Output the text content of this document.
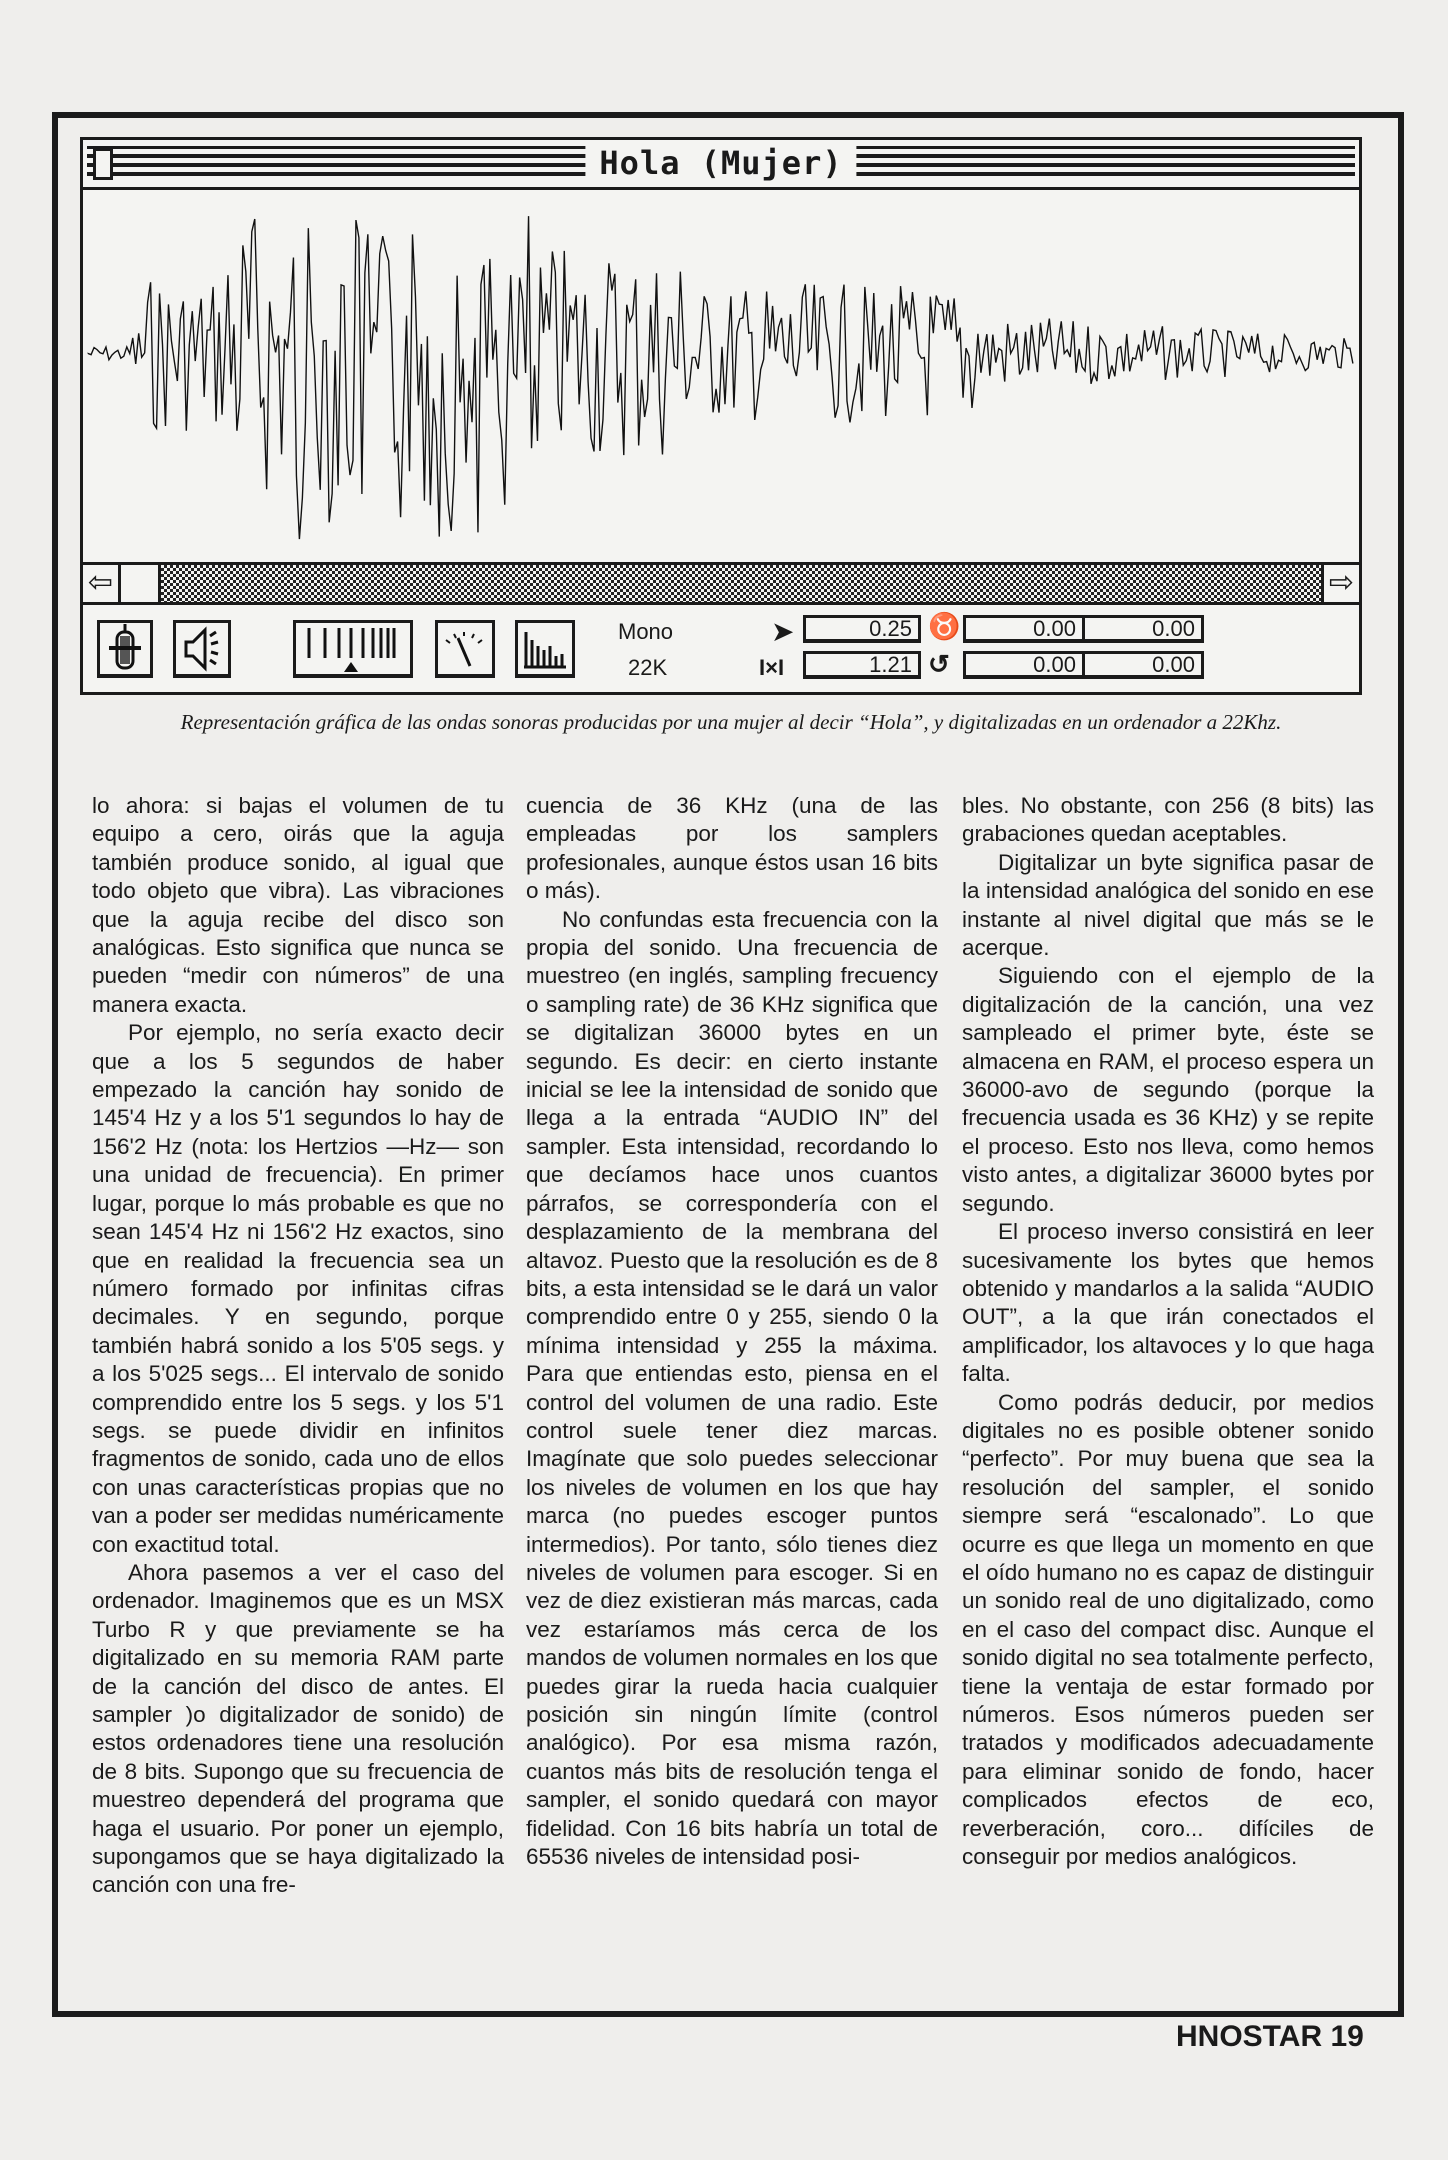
Hola (Mujer)
⇦	⇨
Mono
22K
➤
I×I
0.25
1.21
♉
↺
0.00	0.00
0.00	0.00
Representación gráfica de las ondas sonoras producidas por una mujer al decir “Hola”, y digitalizadas en un ordenador a 22Khz.

lo ahora: si bajas el volumen de tu equipo a cero, oirás que la aguja también produce sonido, al igual que todo objeto que vibra). Las vibraciones que la aguja recibe del disco son analógicas. Esto significa que nunca se pueden “medir con números” de una manera exacta.

Por ejemplo, no sería exacto decir que a los 5 segundos de haber empezado la canción hay sonido de 145'4 Hz y a los 5'1 segundos lo hay de 156'2 Hz (nota: los Hertzios —Hz— son una unidad de frecuencia). En primer lugar, porque lo más probable es que no sean 145'4 Hz ni 156'2 Hz exactos, sino que en realidad la frecuencia sea un número formado por infinitas cifras decimales. Y en segundo, porque también habrá sonido a los 5'05 segs. y a los 5'025 segs... El intervalo de sonido comprendido entre los 5 segs. y los 5'1 segs. se puede dividir en infinitos fragmentos de sonido, cada uno de ellos con unas características propias que no van a poder ser medidas numéricamente con exactitud total.

Ahora pasemos a ver el caso del ordenador. Imaginemos que es un MSX Turbo R y que previamente se ha digitalizado en su memoria RAM parte de la canción del disco de antes. El sampler )o digitalizador de sonido) de estos ordenadores tiene una resolución de 8 bits. Supongo que su frecuencia de muestreo dependerá del programa que haga el usuario. Por poner un ejemplo, supongamos que se haya digitalizado la canción con una fre-

cuencia de 36 KHz (una de las empleadas por los samplers profesionales, aunque éstos usan 16 bits o más).

No confundas esta frecuencia con la propia del sonido. Una frecuencia de muestreo (en inglés, sampling frecuency o sampling rate) de 36 KHz significa que se digitalizan 36000 bytes en un segundo. Es decir: en cierto instante inicial se lee la intensidad de sonido que llega a la entrada “AUDIO IN” del sampler. Esta intensidad, recordando lo que decíamos hace unos cuantos párrafos, se correspondería con el desplazamiento de la membrana del altavoz. Puesto que la resolución es de 8 bits, a esta intensidad se le dará un valor comprendido entre 0 y 255, siendo 0 la mínima intensidad y 255 la máxima. Para que entiendas esto, piensa en el control del volumen de una radio. Este control suele tener diez marcas. Imagínate que solo puedes seleccionar los niveles de volumen en los que hay marca (no puedes escoger puntos intermedios). Por tanto, sólo tienes diez niveles de volumen para escoger. Si en vez de diez existieran más marcas, cada vez estaríamos más cerca de los mandos de volumen normales en los que puedes girar la rueda hacia cualquier posición sin ningún límite (control analógico). Por esa misma razón, cuantos más bits de resolución tenga el sampler, el sonido quedará con mayor fidelidad. Con 16 bits habría un total de 65536 niveles de intensidad posi-

bles. No obstante, con 256 (8 bits) las grabaciones quedan aceptables.

Digitalizar un byte significa pasar de la intensidad analógica del sonido en ese instante al nivel digital que más se le acerque.

Siguiendo con el ejemplo de la digitalización de la canción, una vez sampleado el primer byte, éste se almacena en RAM, el proceso espera un 36000-avo de segundo (porque la frecuencia usada es 36 KHz) y se repite el proceso. Esto nos lleva, como hemos visto antes, a digitalizar 36000 bytes por segundo.

El proceso inverso consistirá en leer sucesivamente los bytes que hemos obtenido y mandarlos a la salida “AUDIO OUT”, a la que irán conectados el amplificador, los altavoces y lo que haga falta.

Como podrás deducir, por medios digitales no es posible obtener sonido “perfecto”. Por muy buena que sea la resolución del sampler, el sonido siempre será “escalonado”. Lo que ocurre es que llega un momento en que el oído humano no es capaz de distinguir un sonido real de uno digitalizado, como en el caso del compact disc. Aunque el sonido digital no sea totalmente perfecto, tiene la ventaja de estar formado por números. Esos números pueden ser tratados y modificados adecuadamente para eliminar sonido de fondo, hacer complicados efectos de eco, reverberación, coro... difíciles de conseguir por medios analógicos.

HNOSTAR 19
